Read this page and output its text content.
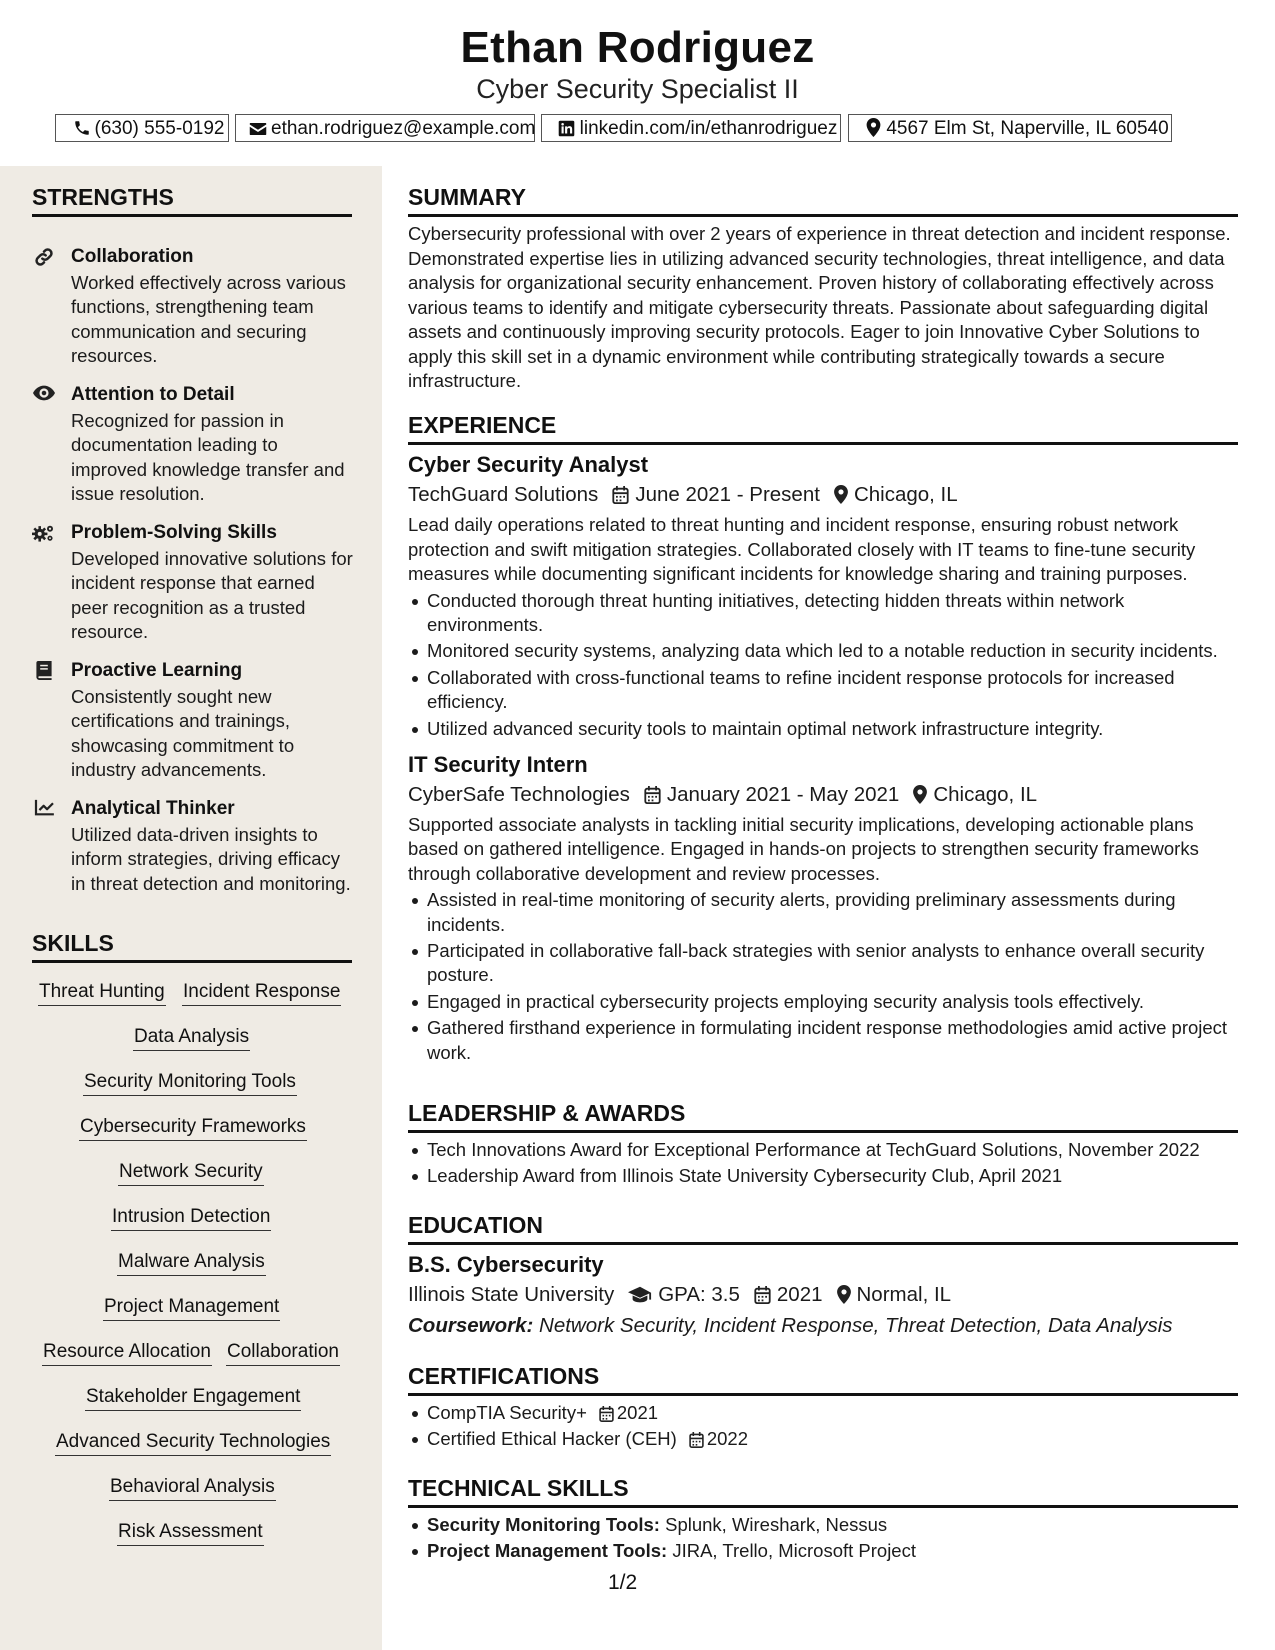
Ethan Rodriguez
Cyber Security Specialist II
(630) 555-0192	ethan.rodriguez@example.com	linkedin.com/in/ethanrodriguez	4567 Elm St, Naperville, IL 60540
STRENGTHS
Collaboration
Worked effectively across various functions, strengthening team communication and securing resources.
Attention to Detail
Recognized for passion in documentation leading to improved knowledge transfer and issue resolution.
Problem-Solving Skills
Developed innovative solutions for incident response that earned peer recognition as a trusted resource.
Proactive Learning
Consistently sought new certifications and trainings, showcasing commitment to industry advancements.
Analytical Thinker
Utilized data-driven insights to inform strategies, driving efficacy in threat detection and monitoring.
SKILLS
Threat Hunting Incident Response
Data Analysis
Security Monitoring Tools
Cybersecurity Frameworks
Network Security
Intrusion Detection
Malware Analysis
Project Management
Resource Allocation Collaboration
Stakeholder Engagement
Advanced Security Technologies
Behavioral Analysis
Risk Assessment
SUMMARY
Cybersecurity professional with over 2 years of experience in threat detection and incident response. Demonstrated expertise lies in utilizing advanced security technologies, threat intelligence, and data analysis for organizational security enhancement. Proven history of collaborating effectively across various teams to identify and mitigate cybersecurity threats. Passionate about safeguarding digital assets and continuously improving security protocols. Eager to join Innovative Cyber Solutions to apply this skill set in a dynamic environment while contributing strategically towards a secure infrastructure.
EXPERIENCE
Cyber Security Analyst
TechGuard Solutions June 2021 - Present Chicago, IL
Lead daily operations related to threat hunting and incident response, ensuring robust network protection and swift mitigation strategies. Collaborated closely with IT teams to fine-tune security measures while documenting significant incidents for knowledge sharing and training purposes.
Conducted thorough threat hunting initiatives, detecting hidden threats within network environments.
Monitored security systems, analyzing data which led to a notable reduction in security incidents.
Collaborated with cross-functional teams to refine incident response protocols for increased efficiency.
Utilized advanced security tools to maintain optimal network infrastructure integrity.
IT Security Intern
CyberSafe Technologies January 2021 - May 2021 Chicago, IL
Supported associate analysts in tackling initial security implications, developing actionable plans based on gathered intelligence. Engaged in hands-on projects to strengthen security frameworks through collaborative development and review processes.
Assisted in real-time monitoring of security alerts, providing preliminary assessments during incidents.
Participated in collaborative fall-back strategies with senior analysts to enhance overall security posture.
Engaged in practical cybersecurity projects employing security analysis tools effectively.
Gathered firsthand experience in formulating incident response methodologies amid active project work.
LEADERSHIP & AWARDS
Tech Innovations Award for Exceptional Performance at TechGuard Solutions, November 2022
Leadership Award from Illinois State University Cybersecurity Club, April 2021
EDUCATION
B.S. Cybersecurity
Illinois State University GPA: 3.5 2021 Normal, IL
Coursework: Network Security, Incident Response, Threat Detection, Data Analysis
CERTIFICATIONS
CompTIA Security+ 2021
Certified Ethical Hacker (CEH) 2022
TECHNICAL SKILLS
Security Monitoring Tools: Splunk, Wireshark, Nessus
Project Management Tools: JIRA, Trello, Microsoft Project
1/2
